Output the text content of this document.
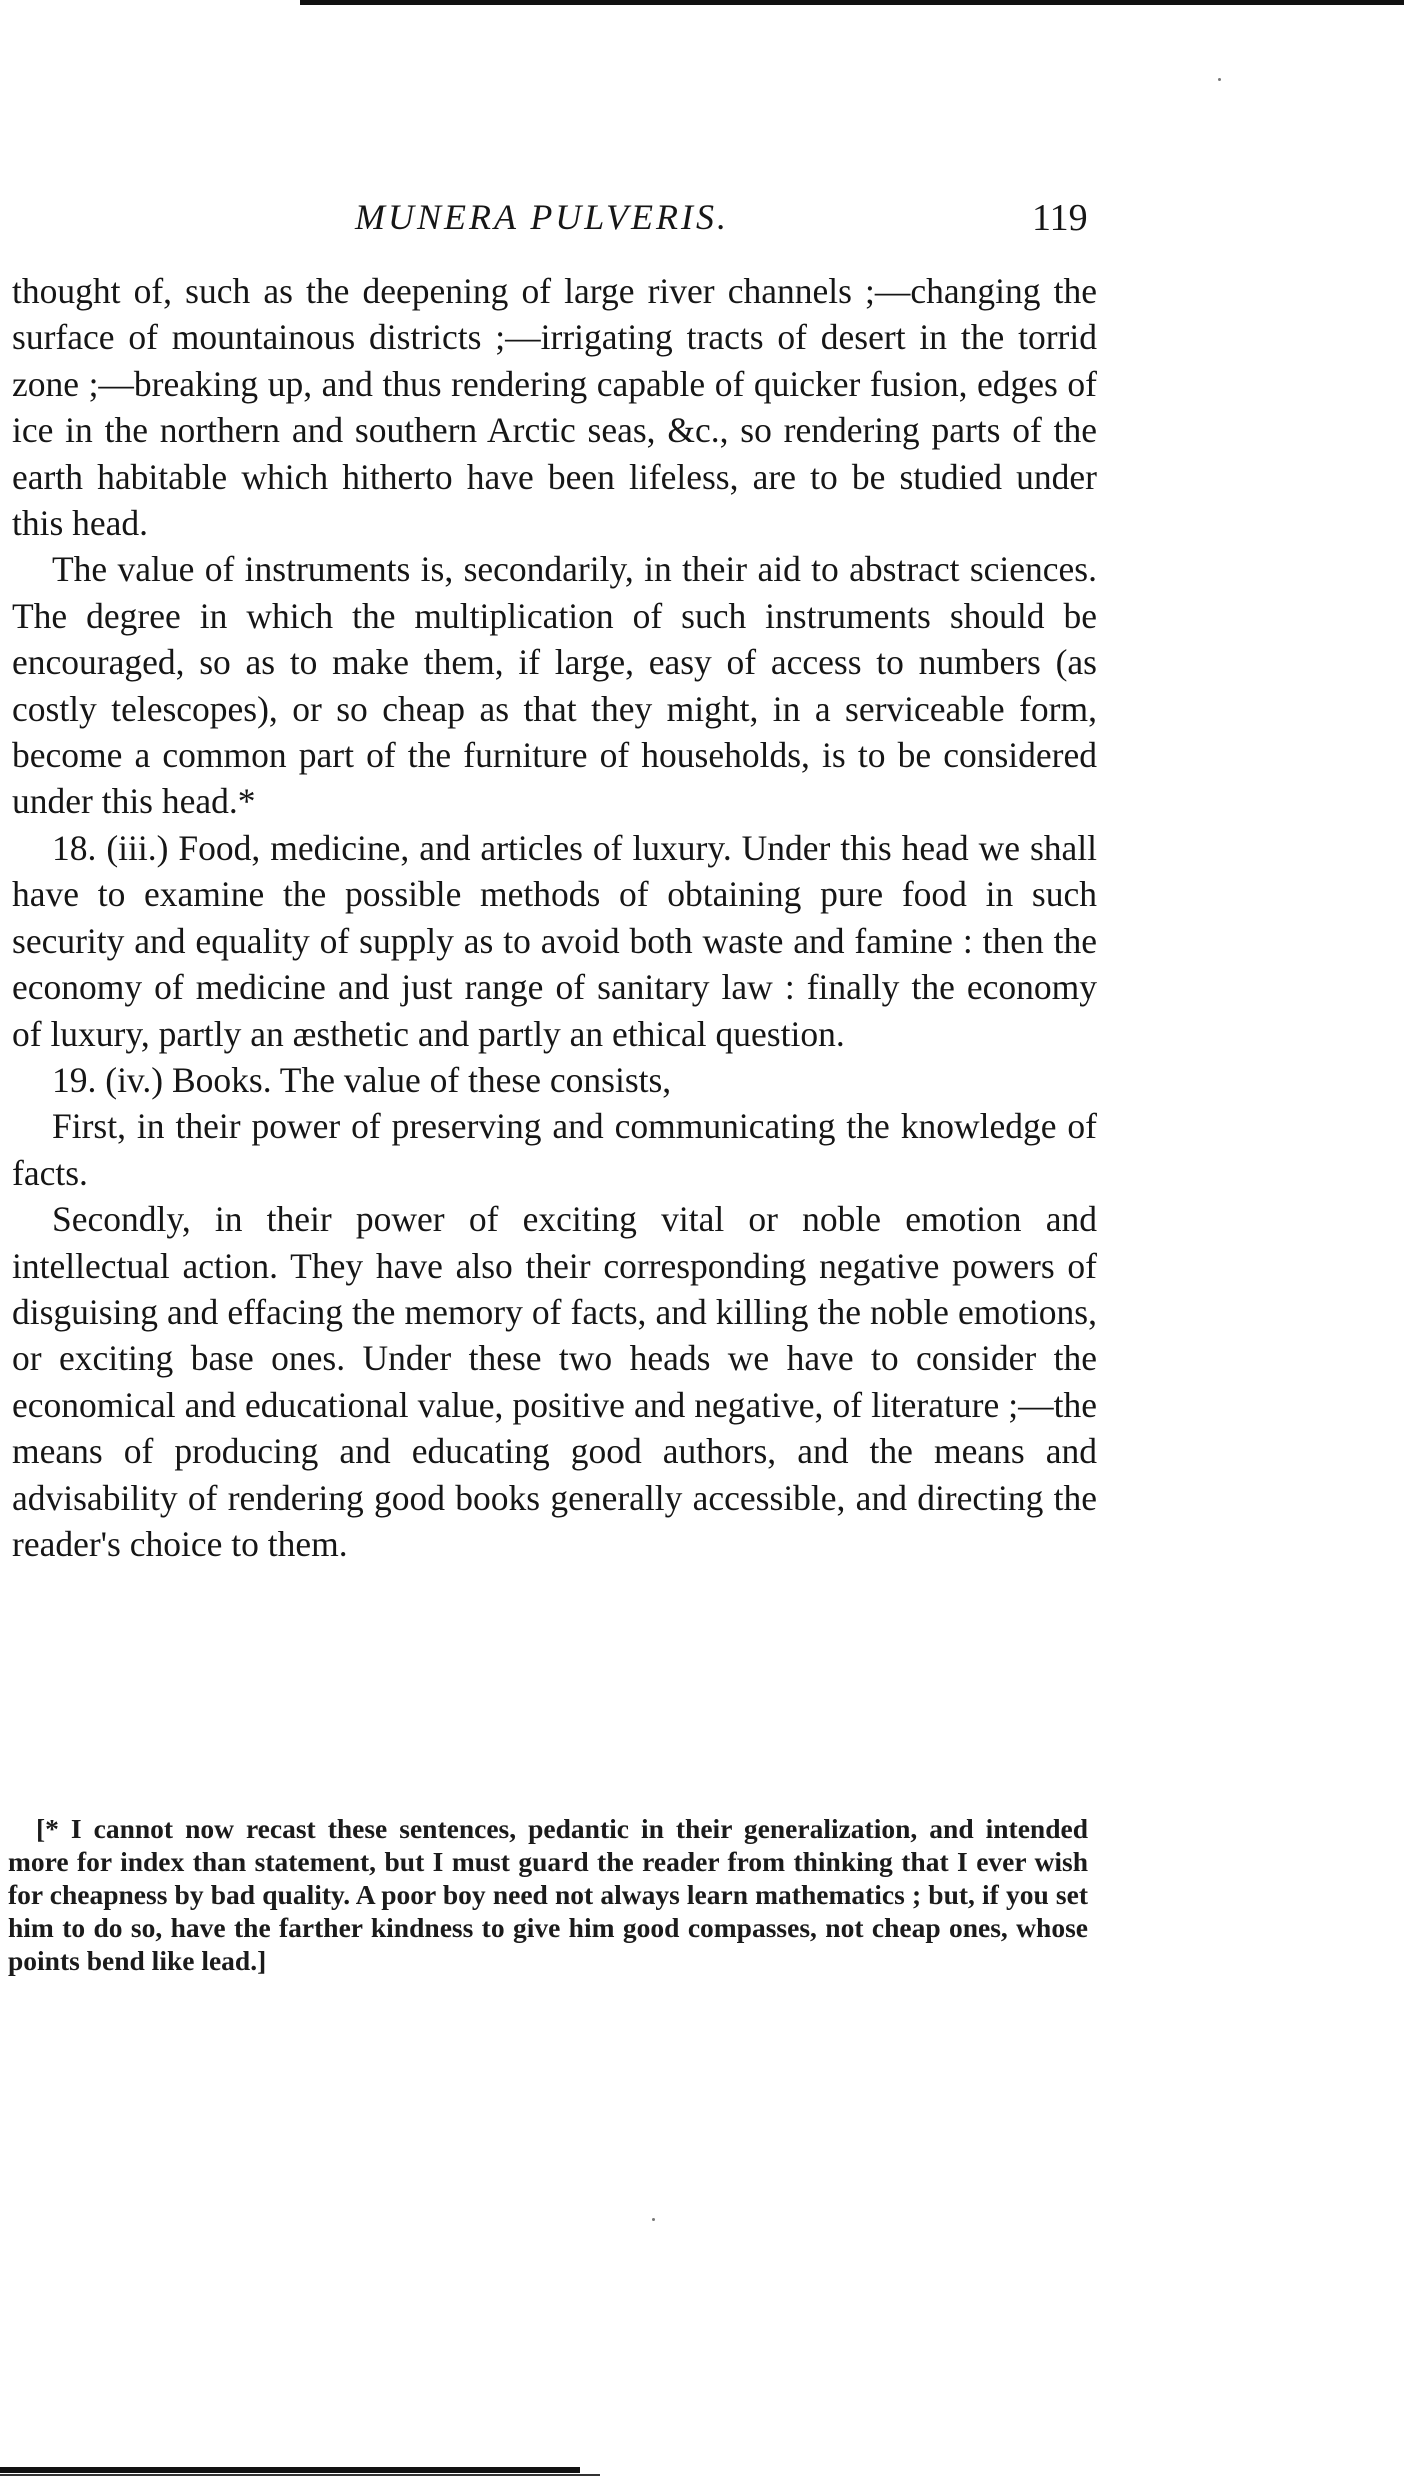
MUNERA PULVERIS.	119

thought of, such as the deepening of large river channels ;—changing the surface of mountainous districts ;—irrigating tracts of desert in the torrid zone ;—breaking up, and thus rendering capable of quicker fusion, edges of ice in the northern and southern Arctic seas, &c., so rendering parts of the earth habitable which hitherto have been lifeless, are to be studied under this head.

The value of instruments is, secondarily, in their aid to abstract sciences. The degree in which the multiplication of such instruments should be encouraged, so as to make them, if large, easy of access to numbers (as costly telescopes), or so cheap as that they might, in a serviceable form, become a common part of the furniture of households, is to be considered under this head.*

18. (iii.) Food, medicine, and articles of luxury. Under this head we shall have to examine the possible methods of obtaining pure food in such security and equality of supply as to avoid both waste and famine : then the economy of medicine and just range of sanitary law : finally the economy of luxury, partly an æsthetic and partly an ethical question.

19. (iv.) Books. The value of these consists,

First, in their power of preserving and communicating the knowledge of facts.

Secondly, in their power of exciting vital or noble emotion and intellectual action. They have also their corresponding negative powers of disguising and effacing the memory of facts, and killing the noble emotions, or exciting base ones. Under these two heads we have to consider the economical and educational value, positive and negative, of literature ;—the means of producing and educating good authors, and the means and advisability of rendering good books generally accessible, and directing the reader's choice to them.

[* I cannot now recast these sentences, pedantic in their generalization, and intended more for index than statement, but I must guard the reader from thinking that I ever wish for cheapness by bad quality. A poor boy need not always learn mathematics ; but, if you set him to do so, have the farther kindness to give him good compasses, not cheap ones, whose points bend like lead.]
